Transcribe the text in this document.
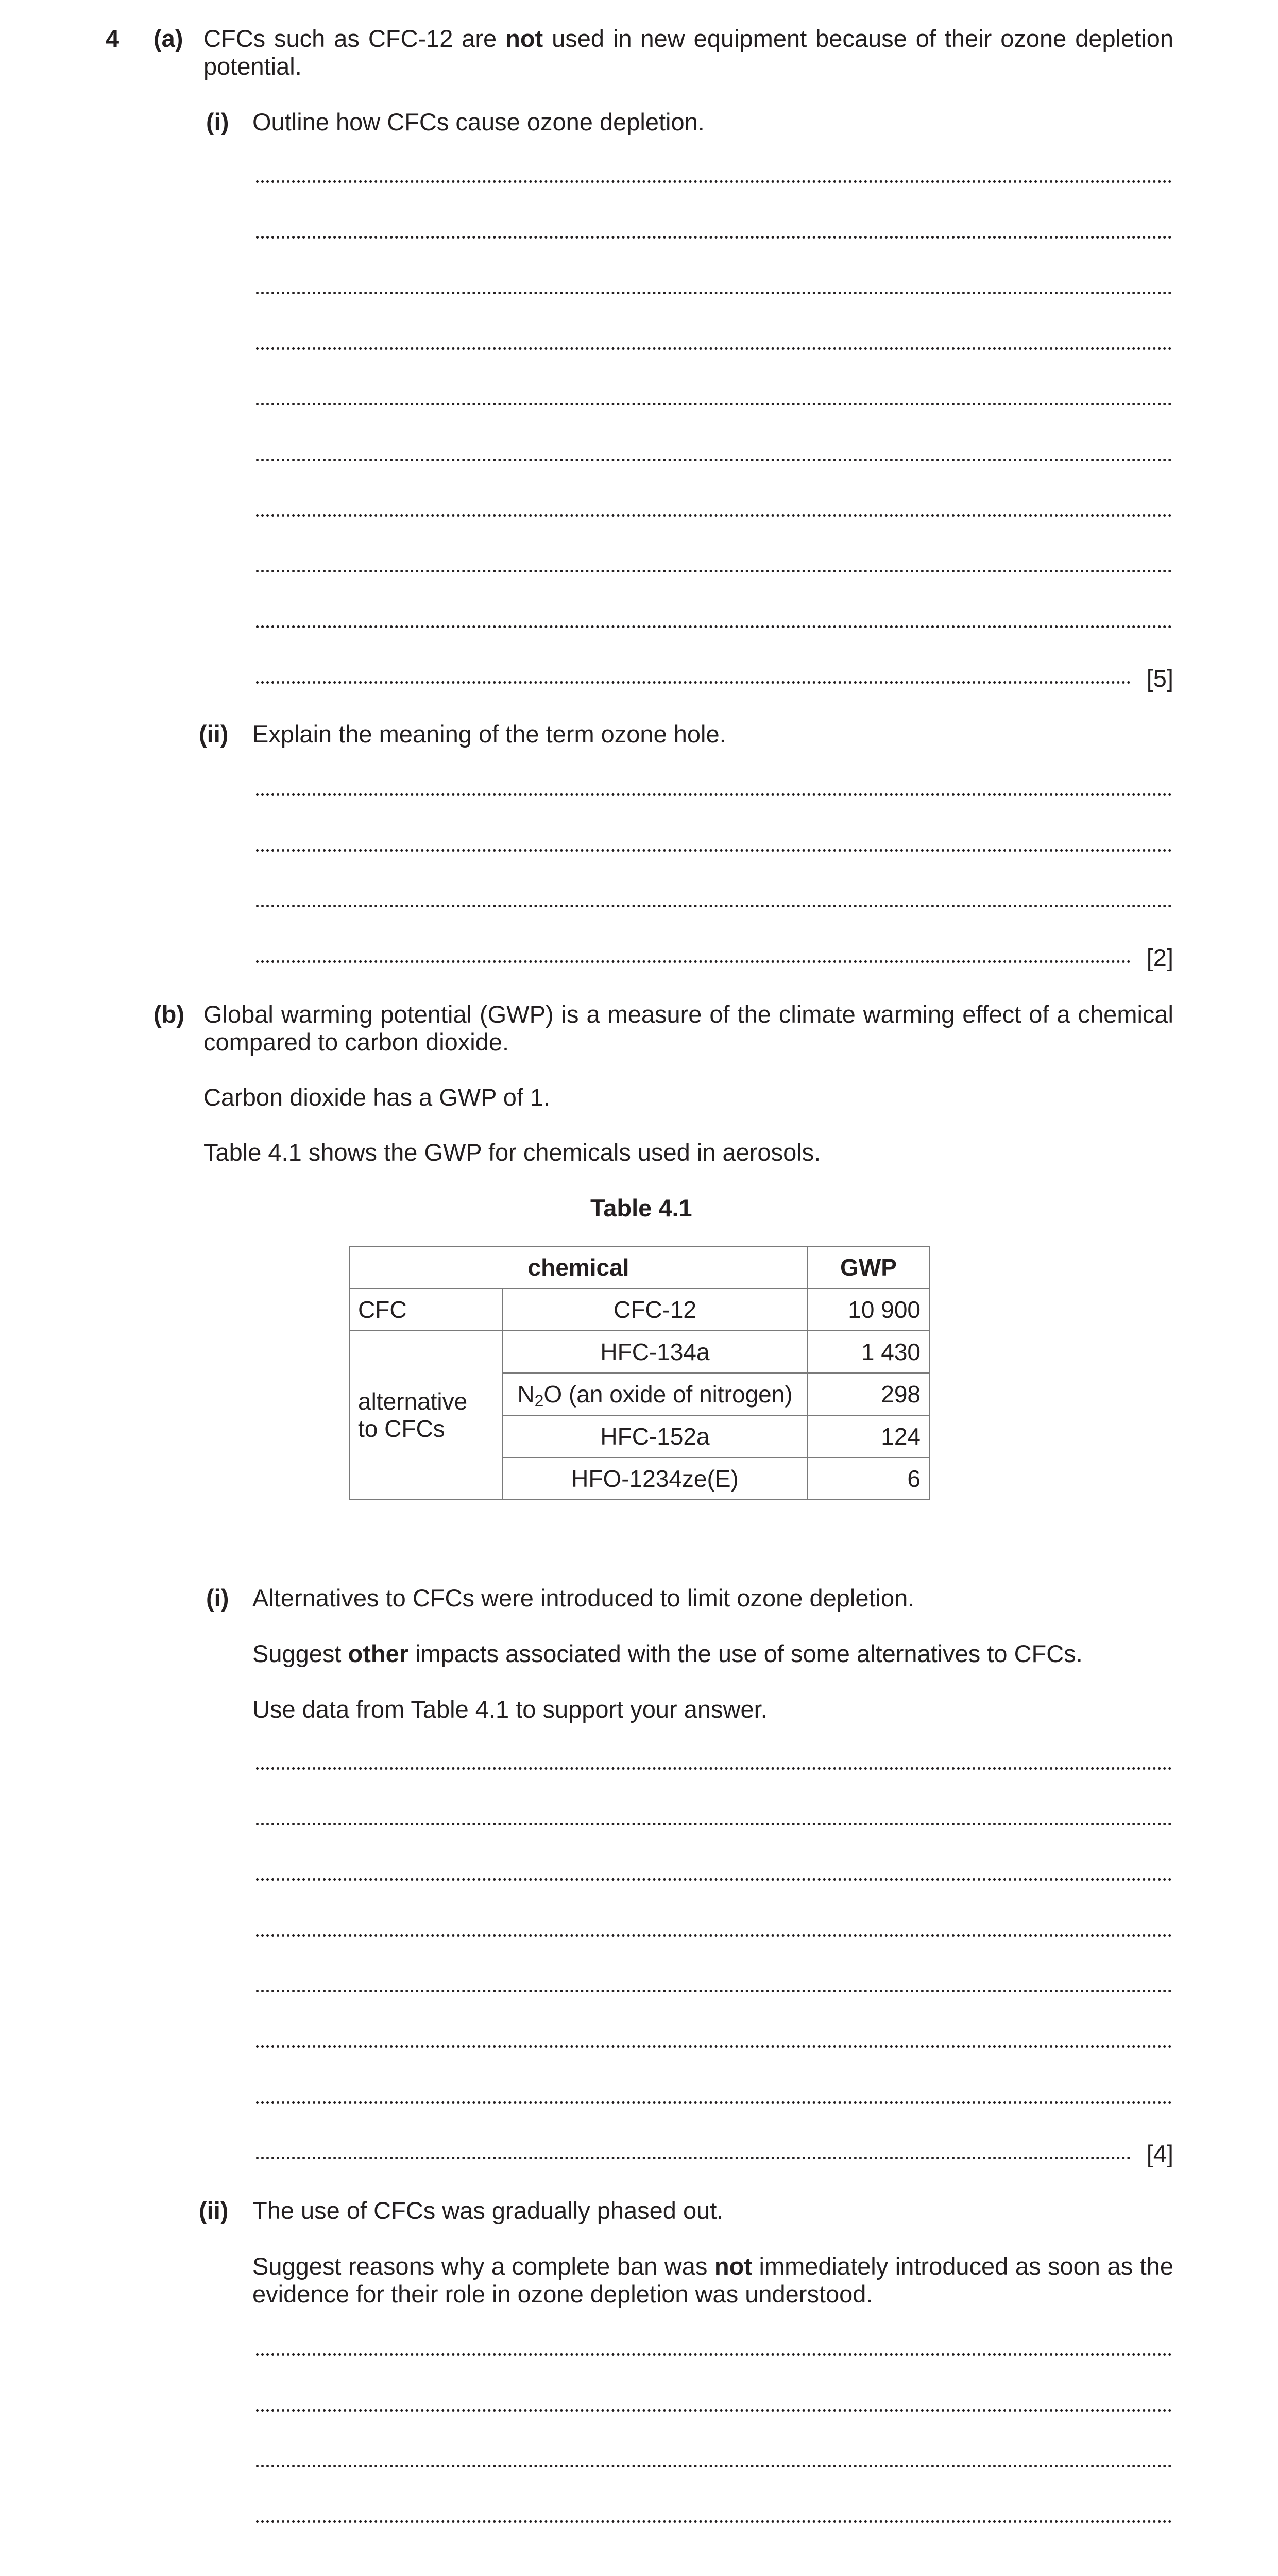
4 (a) CFCs such as CFC-12 are not used in new equipment because of their ozone depletion potential.
(i) Outline how CFCs cause ozone depletion.
[5]
(ii) Explain the meaning of the term ozone hole.
[2]
(b) Global warming potential (GWP) is a measure of the climate warming effect of a chemical compared to carbon dioxide.
Carbon dioxide has a GWP of 1.
Table 4.1 shows the GWP for chemicals used in aerosols.
Table 4.1
chemical		GWP
CFC	CFC-12	10 900
alternative to CFCs	HFC-134a	1 430
	$N_2O$ (an oxide of nitrogen)	298
	HFC-152a	124
	HFO-1234ze(E)	6
(i) Alternatives to CFCs were introduced to limit ozone depletion.
Suggest other impacts associated with the use of some alternatives to CFCs.
Use data from Table 4.1 to support your answer.
[4]
(ii) The use of CFCs was gradually phased out.
Suggest reasons why a complete ban was not immediately introduced as soon as the evidence for their role in ozone depletion was understood.
